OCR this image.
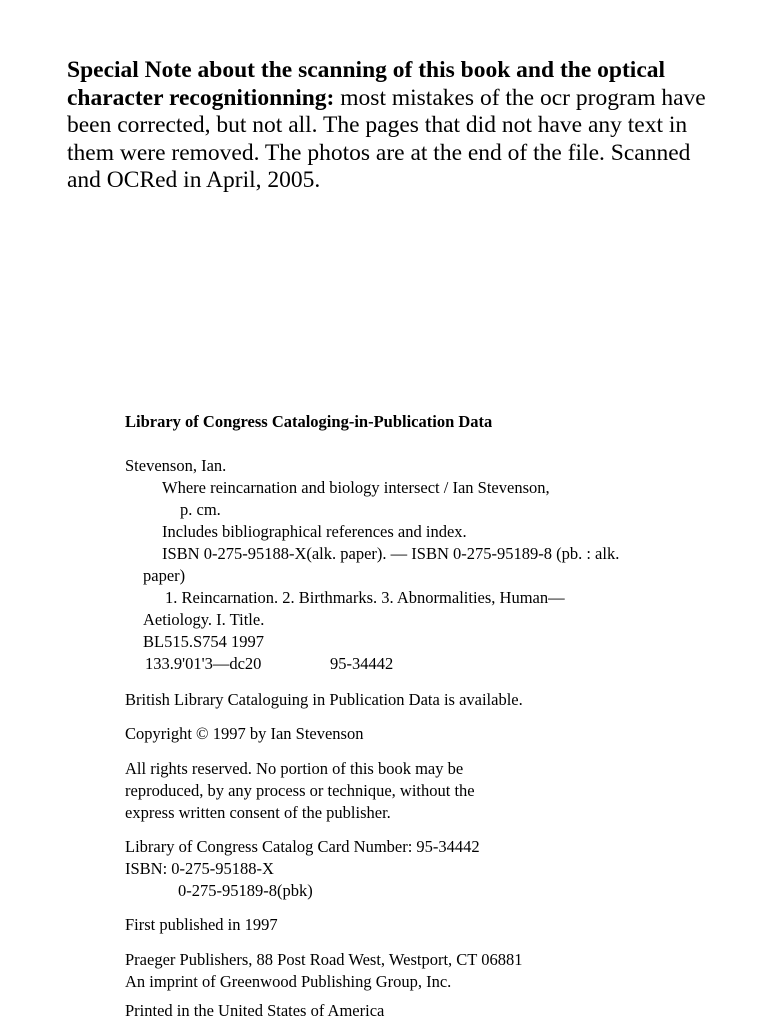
Special Note about the scanning of this book and the optical character recognitionning: most mistakes of the ocr program have been corrected, but not all. The pages that did not have any text in them were removed. The photos are at the end of the file. Scanned and OCRed in April, 2005.

Library of Congress Cataloging-in-Publication Data
Stevenson, Ian.
Where reincarnation and biology intersect / Ian Stevenson,
p. cm.
Includes bibliographical references and index.
ISBN 0-275-95188-X(alk. paper). — ISBN 0-275-95189-8 (pb. : alk.
paper)
1. Reincarnation. 2. Birthmarks. 3. Abnormalities, Human—
Aetiology. I. Title.
BL515.S754 1997
133.9'01'3—dc20	95-34442
British Library Cataloguing in Publication Data is available.
Copyright © 1997 by Ian Stevenson
All rights reserved. No portion of this book may be
reproduced, by any process or technique, without the
express written consent of the publisher.
Library of Congress Catalog Card Number: 95-34442
ISBN: 0-275-95188-X
0-275-95189-8(pbk)
First published in 1997
Praeger Publishers, 88 Post Road West, Westport, CT 06881
An imprint of Greenwood Publishing Group, Inc.
Printed in the United States of America
